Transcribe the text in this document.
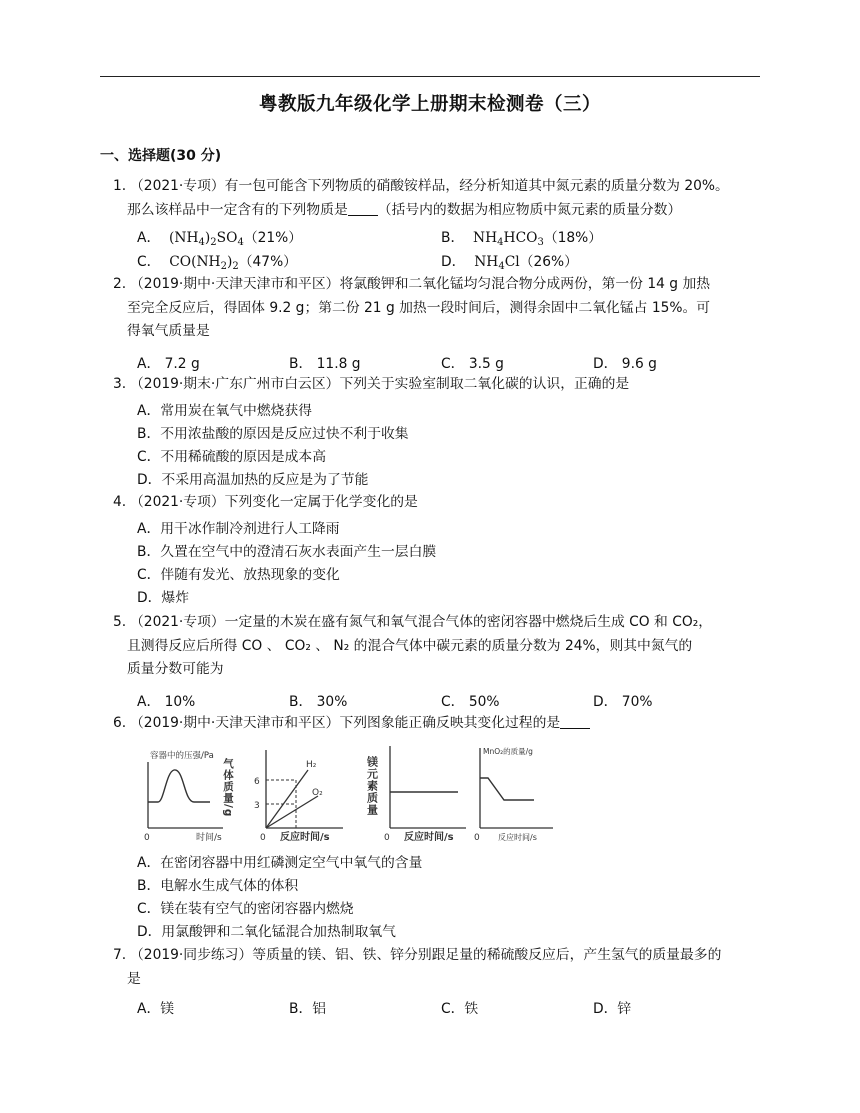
粤教版九年级化学上册期末检测卷（三）
一、选择题(30 分)
1. （2021·专项）有一包可能含下列物质的硝酸铵样品，经分析知道其中氮元素的质量分数为 20%。
那么该样品中一定含有的下列物质是 （括号内的数据为相应物质中氮元素的质量分数）
A． $(NH_4)_2SO_4(21\%)$	B． $NH_4HCO_3(18\%)$
C． $CO(NH_2)_2(47\%)$	D． $NH_4Cl(26\%)$
2. （2019·期中·天津天津市和平区）将氯酸钾和二氧化锰均匀混合物分成两份，第一份 14 g 加热
至完全反应后，得固体 9.2 g；第二份 21 g 加热一段时间后，测得余固中二氧化锰占 15%。可
得氧气质量是
A． 7.2 g	B． 11.8 g	C． 3.5 g	D． 9.6 g
3. （2019·期末·广东广州市白云区）下列关于实验室制取二氧化碳的认识，正确的是
A．常用炭在氧气中燃烧获得
B．不用浓盐酸的原因是反应过快不利于收集
C．不用稀硫酸的原因是成本高
D．不采用高温加热的反应是为了节能
4. （2021·专项）下列变化一定属于化学变化的是
A．用干冰作制冷剂进行人工降雨
B．久置在空气中的澄清石灰水表面产生一层白膜
C．伴随有发光、放热现象的变化
D．爆炸
5. （2021·专项）一定量的木炭在盛有氮气和氧气混合气体的密闭容器中燃烧后生成 CO 和 CO₂，
且测得反应后所得 CO 、 CO₂ 、 N₂ 的混合气体中碳元素的质量分数为 24%，则其中氮气的
质量分数可能为
A． 10%	B． 30%	C． 50%	D． 70%
6. （2019·期中·天津天津市和平区）下列图象能正确反映其变化过程的是
容器中的压强/Pa
0	时间/s
气体质量/g 6
3
H₂
O₂
0 反应时间/s
镁元素质量
0 反应时间/s
MnO₂的质量/g
0 反应时间/s
A．在密闭容器中用红磷测定空气中氧气的含量
B．电解水生成气体的体积
C．镁在装有空气的密闭容器内燃烧
D．用氯酸钾和二氧化锰混合加热制取氧气
7. （2019·同步练习）等质量的镁、铝、铁、锌分别跟足量的稀硫酸反应后，产生氢气的质量最多的
是
A．镁	B．铝	C．铁	D．锌
